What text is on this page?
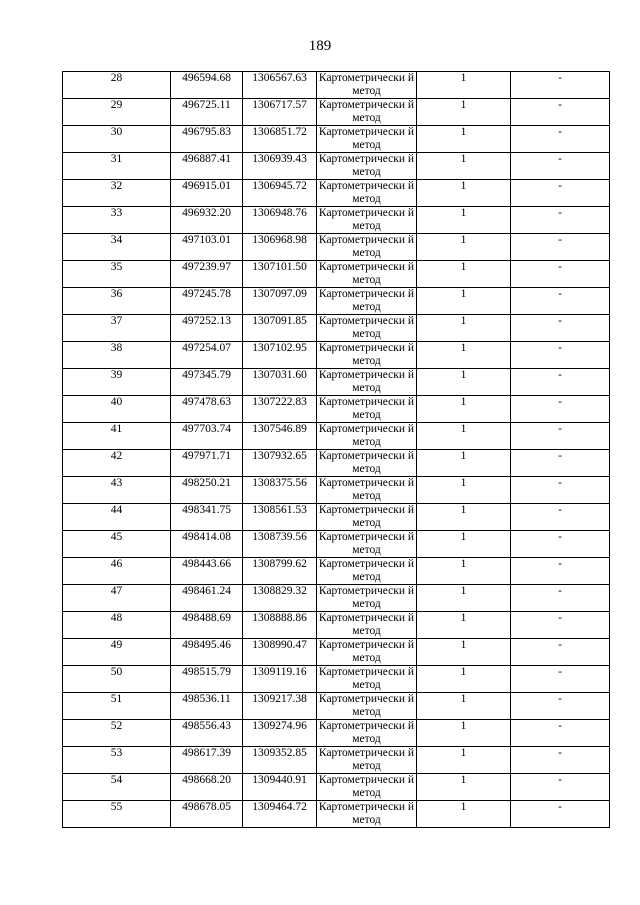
189
28	496594.68	1306567.63	Картометрически й метод	1	-
29	496725.11	1306717.57	Картометрически й метод	1	-
30	496795.83	1306851.72	Картометрически й метод	1	-
31	496887.41	1306939.43	Картометрически й метод	1	-
32	496915.01	1306945.72	Картометрически й метод	1	-
33	496932.20	1306948.76	Картометрически й метод	1	-
34	497103.01	1306968.98	Картометрически й метод	1	-
35	497239.97	1307101.50	Картометрически й метод	1	-
36	497245.78	1307097.09	Картометрически й метод	1	-
37	497252.13	1307091.85	Картометрически й метод	1	-
38	497254.07	1307102.95	Картометрически й метод	1	-
39	497345.79	1307031.60	Картометрически й метод	1	-
40	497478.63	1307222.83	Картометрически й метод	1	-
41	497703.74	1307546.89	Картометрически й метод	1	-
42	497971.71	1307932.65	Картометрически й метод	1	-
43	498250.21	1308375.56	Картометрически й метод	1	-
44	498341.75	1308561.53	Картометрически й метод	1	-
45	498414.08	1308739.56	Картометрически й метод	1	-
46	498443.66	1308799.62	Картометрически й метод	1	-
47	498461.24	1308829.32	Картометрически й метод	1	-
48	498488.69	1308888.86	Картометрически й метод	1	-
49	498495.46	1308990.47	Картометрически й метод	1	-
50	498515.79	1309119.16	Картометрически й метод	1	-
51	498536.11	1309217.38	Картометрически й метод	1	-
52	498556.43	1309274.96	Картометрически й метод	1	-
53	498617.39	1309352.85	Картометрически й метод	1	-
54	498668.20	1309440.91	Картометрически й метод	1	-
55	498678.05	1309464.72	Картометрически й метод	1	-
